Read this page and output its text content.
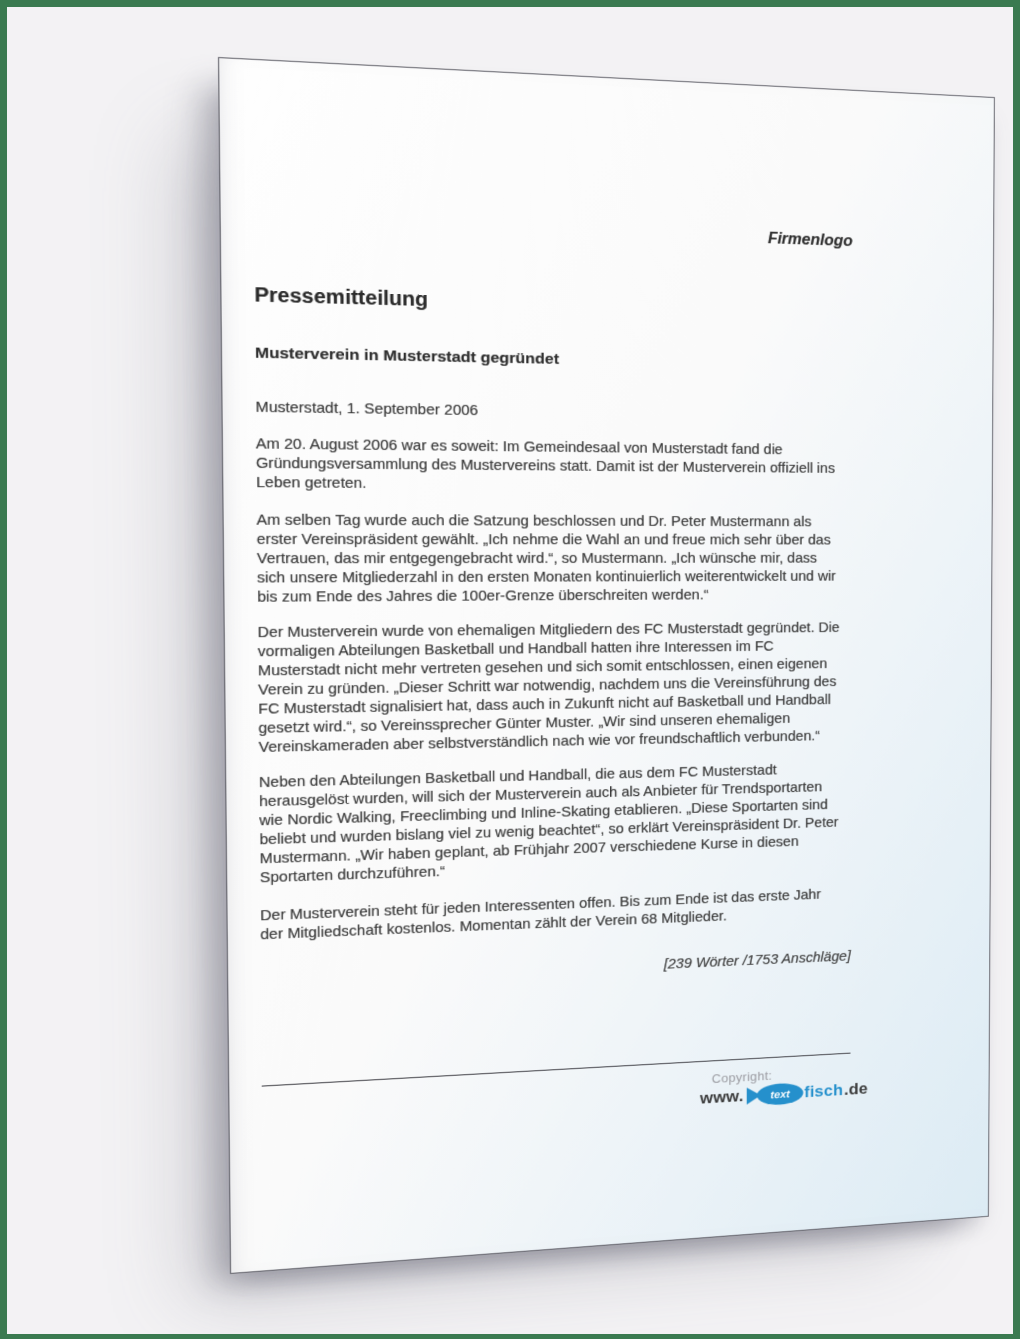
Firmenlogo
Pressemitteilung
Musterverein in Musterstadt gegründet
Musterstadt, 1. September 2006

Am 20. August 2006 war es soweit: Im Gemeindesaal von Musterstadt fand die
Gründungsversammlung des Mustervereins statt. Damit ist der Musterverein offiziell ins
Leben getreten.

Am selben Tag wurde auch die Satzung beschlossen und Dr. Peter Mustermann als
erster Vereinspräsident gewählt. „Ich nehme die Wahl an und freue mich sehr über das
Vertrauen, das mir entgegengebracht wird.“, so Mustermann. „Ich wünsche mir, dass
sich unsere Mitgliederzahl in den ersten Monaten kontinuierlich weiterentwickelt und wir
bis zum Ende des Jahres die 100er-Grenze überschreiten werden.“

Der Musterverein wurde von ehemaligen Mitgliedern des FC Musterstadt gegründet. Die
vormaligen Abteilungen Basketball und Handball hatten ihre Interessen im FC
Musterstadt nicht mehr vertreten gesehen und sich somit entschlossen, einen eigenen
Verein zu gründen. „Dieser Schritt war notwendig, nachdem uns die Vereinsführung des
FC Musterstadt signalisiert hat, dass auch in Zukunft nicht auf Basketball und Handball
gesetzt wird.“, so Vereinssprecher Günter Muster. „Wir sind unseren ehemaligen
Vereinskameraden aber selbstverständlich nach wie vor freundschaftlich verbunden.“

Neben den Abteilungen Basketball und Handball, die aus dem FC Musterstadt
herausgelöst wurden, will sich der Musterverein auch als Anbieter für Trendsportarten
wie Nordic Walking, Freeclimbing und Inline-Skating etablieren. „Diese Sportarten sind
beliebt und wurden bislang viel zu wenig beachtet“, so erklärt Vereinspräsident Dr. Peter
Mustermann. „Wir haben geplant, ab Frühjahr 2007 verschiedene Kurse in diesen
Sportarten durchzuführen.“

Der Musterverein steht für jeden Interessenten offen. Bis zum Ende ist das erste Jahr
der Mitgliedschaft kostenlos. Momentan zählt der Verein 68 Mitglieder.

[239 Wörter /1753 Anschläge]
Copyright:
www. text fisch .de
